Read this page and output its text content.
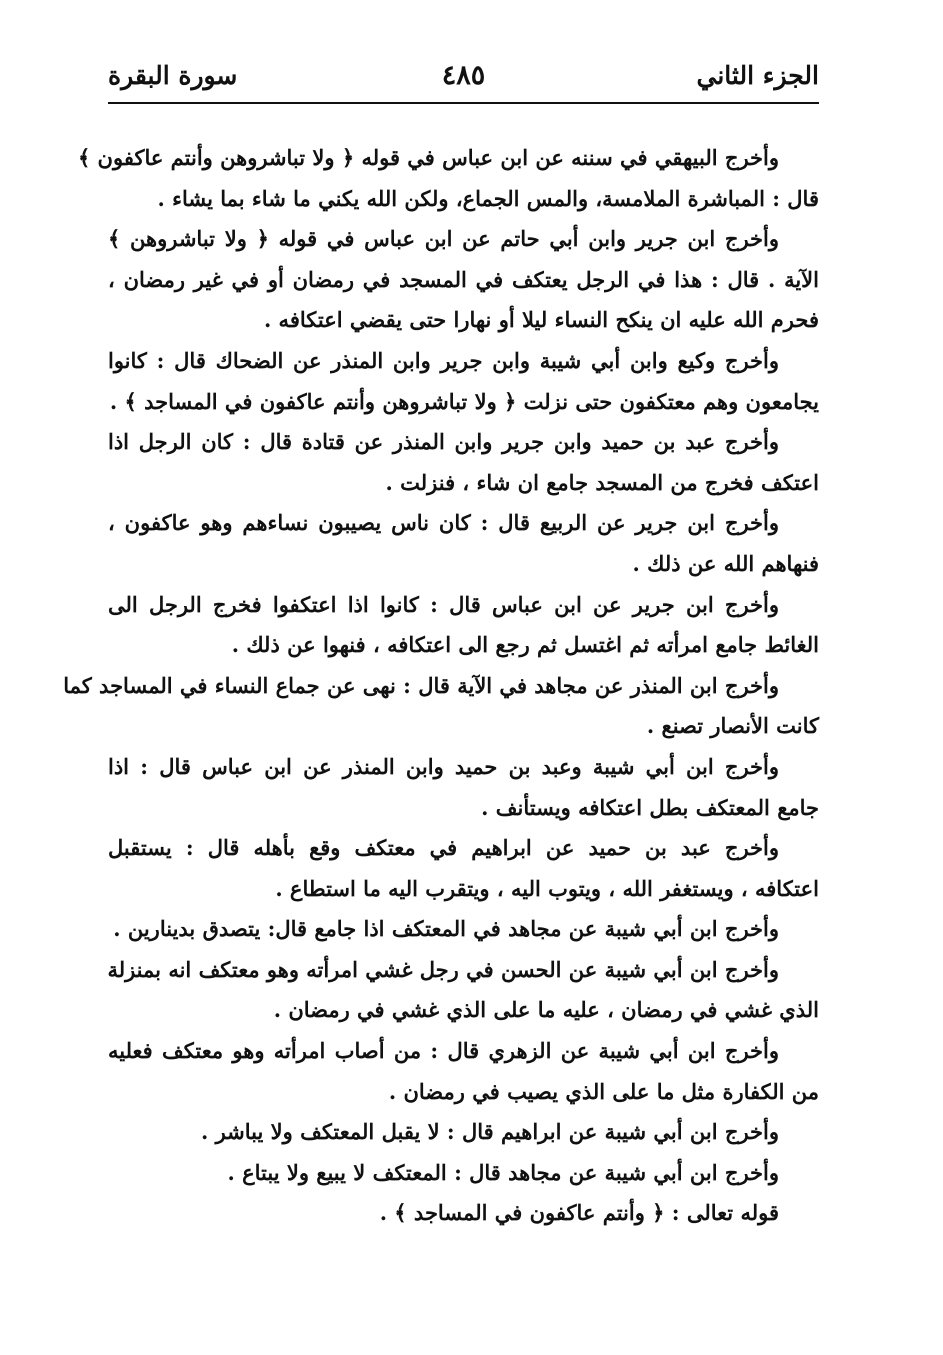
الجزء الثاني
٤٨٥
سورة البقرة
وأخرج البيهقي في سننه عن ابن عباس في قوله ﴿ ولا تباشروهن وأنتم عاكفون ﴾
قال : المباشرة الملامسة، والمس الجماع، ولكن الله يكني ما شاء بما يشاء .
وأخرج ابن جرير وابن أبي حاتم عن ابن عباس في قوله ﴿ ولا تباشروهن ﴾
الآية . قال : هذا في الرجل يعتكف في المسجد في رمضان أو في غير رمضان ،
فحرم الله عليه ان ينكح النساء ليلا أو نهارا حتى يقضي اعتكافه .
وأخرج وكيع وابن أبي شيبة وابن جرير وابن المنذر عن الضحاك قال : كانوا
يجامعون وهم معتكفون حتى نزلت ﴿ ولا تباشروهن وأنتم عاكفون في المساجد ﴾ .
وأخرج عبد بن حميد وابن جرير وابن المنذر عن قتادة قال : كان الرجل اذا
اعتكف فخرج من المسجد جامع ان شاء ، فنزلت .
وأخرج ابن جرير عن الربيع قال : كان ناس يصيبون نساءهم وهو عاكفون ،
فنهاهم الله عن ذلك .
وأخرج ابن جرير عن ابن عباس قال : كانوا اذا اعتكفوا فخرج الرجل الى
الغائط جامع امرأته ثم اغتسل ثم رجع الى اعتكافه ، فنهوا عن ذلك .
وأخرج ابن المنذر عن مجاهد في الآية قال : نهى عن جماع النساء في المساجد كما
كانت الأنصار تصنع .
وأخرج ابن أبي شيبة وعبد بن حميد وابن المنذر عن ابن عباس قال : اذا
جامع المعتكف بطل اعتكافه ويستأنف .
وأخرج عبد بن حميد عن ابراهيم في معتكف وقع بأهله قال : يستقبل
اعتكافه ، ويستغفر الله ، ويتوب اليه ، ويتقرب اليه ما استطاع .
وأخرج ابن أبي شيبة عن مجاهد في المعتكف اذا جامع قال: يتصدق بدينارين .
وأخرج ابن أبي شيبة عن الحسن في رجل غشي امرأته وهو معتكف انه بمنزلة
الذي غشي في رمضان ، عليه ما على الذي غشي في رمضان .
وأخرج ابن أبي شيبة عن الزهري قال : من أصاب امرأته وهو معتكف فعليه
من الكفارة مثل ما على الذي يصيب في رمضان .
وأخرج ابن أبي شيبة عن ابراهيم قال : لا يقبل المعتكف ولا يباشر .
وأخرج ابن أبي شيبة عن مجاهد قال : المعتكف لا يبيع ولا يبتاع .
قوله تعالى : ﴿ وأنتم عاكفون في المساجد ﴾ .
